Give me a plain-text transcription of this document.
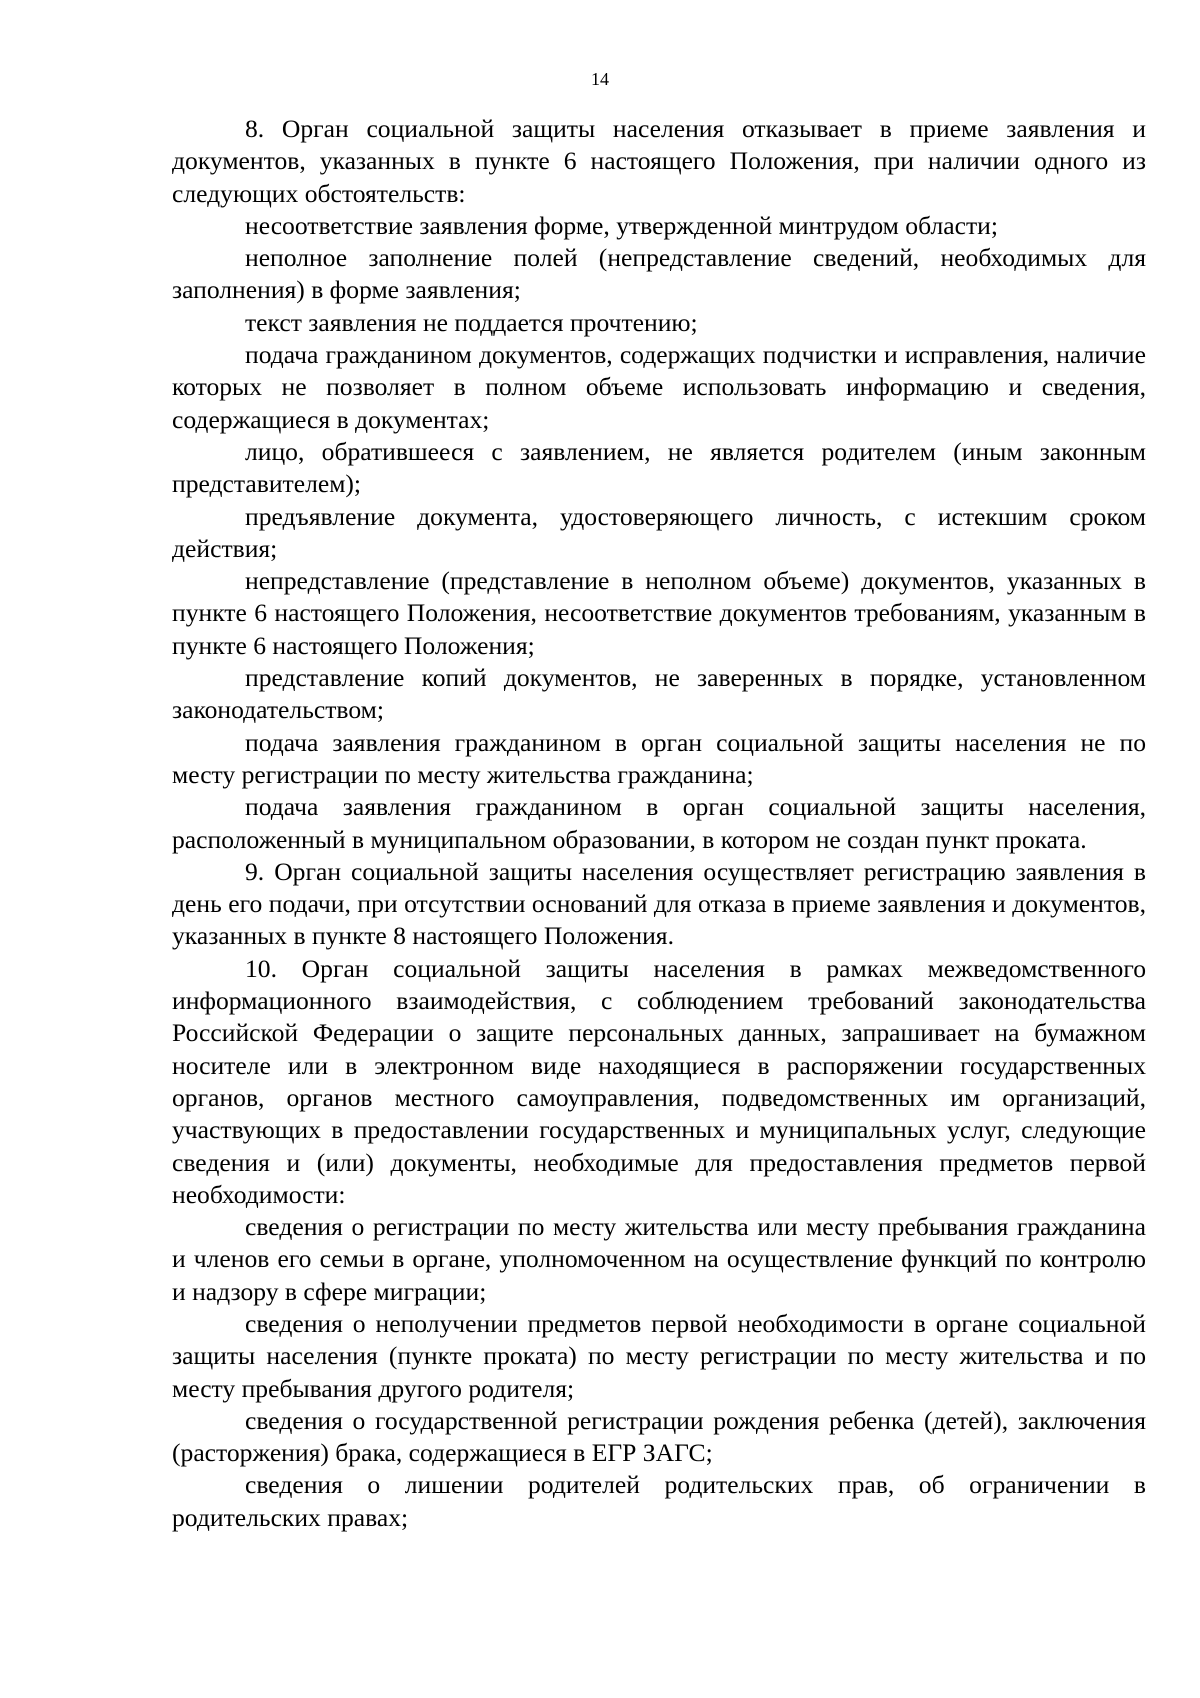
14

8. Орган социальной защиты населения отказывает в приеме заявления и документов, указанных в пункте 6 настоящего Положения, при наличии одного из следующих обстоятельств:

несоответствие заявления форме, утвержденной минтрудом области;

неполное заполнение полей (непредставление сведений, необходимых для заполнения) в форме заявления;

текст заявления не поддается прочтению;

подача гражданином документов, содержащих подчистки и исправления, наличие которых не позволяет в полном объеме использовать информацию и сведения, содержащиеся в документах;

лицо, обратившееся с заявлением, не является родителем (иным законным представителем);

предъявление документа, удостоверяющего личность, с истекшим сроком действия;

непредставление (представление в неполном объеме) документов, указанных в пункте 6 настоящего Положения, несоответствие документов требованиям, указанным в пункте 6 настоящего Положения;

представление копий документов, не заверенных в порядке, установленном законодательством;

подача заявления гражданином в орган социальной защиты населения не по месту регистрации по месту жительства гражданина;

подача заявления гражданином в орган социальной защиты населения, расположенный в муниципальном образовании, в котором не создан пункт проката.

9. Орган социальной защиты населения осуществляет регистрацию заявления в день его подачи, при отсутствии оснований для отказа в приеме заявления и документов, указанных в пункте 8 настоящего Положения.

10. Орган социальной защиты населения в рамках межведомственного информационного взаимодействия, с соблюдением требований законодательства Российской Федерации о защите персональных данных, запрашивает на бумажном носителе или в электронном виде находящиеся в распоряжении государственных органов, органов местного самоуправления, подведомственных им организаций, участвующих в предоставлении государственных и муниципальных услуг, следующие сведения и (или) документы, необходимые для предоставления предметов первой необходимости:

сведения о регистрации по месту жительства или месту пребывания гражданина и членов его семьи в органе, уполномоченном на осуществление функций по контролю и надзору в сфере миграции;

сведения о неполучении предметов первой необходимости в органе социальной защиты населения (пункте проката) по месту регистрации по месту жительства и по месту пребывания другого родителя;

сведения о государственной регистрации рождения ребенка (детей), заключения (расторжения) брака, содержащиеся в ЕГР ЗАГС;

сведения о лишении родителей родительских прав, об ограничении в родительских правах;
